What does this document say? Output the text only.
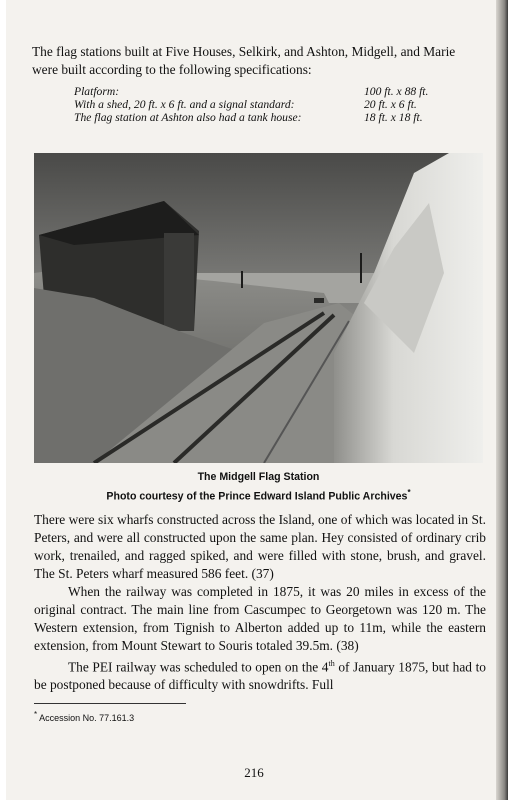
The flag stations built at Five Houses, Selkirk, and Ashton, Midgell, and Marie were built according to the following specifications:

Platform:	100 ft. x 88 ft.
With a shed, 20 ft. x 6 ft. and a signal standard:	20 ft. x 6 ft.
The flag station at Ashton also had a tank house:	18 ft. x 18 ft.
The Midgell Flag Station
Photo courtesy of the Prince Edward Island Public Archives*

There were six wharfs constructed across the Island, one of which was located in St. Peters, and were all constructed upon the same plan. Hey consisted of ordinary crib work, trenailed, and ragged spiked, and were filled with stone, brush, and gravel. The St. Peters wharf measured 586 feet. (37)

When the railway was completed in 1875, it was 20 miles in excess of the original contract. The main line from Cascumpec to Georgetown was 120 m. The Western extension, from Tignish to Alberton added up to 11m, while the eastern extension, from Mount Stewart to Souris totaled 39.5m. (38)

The PEI railway was scheduled to open on the 4th of January 1875, but had to be postponed because of difficulty with snowdrifts. Full

* Accession No. 77.161.3
216
